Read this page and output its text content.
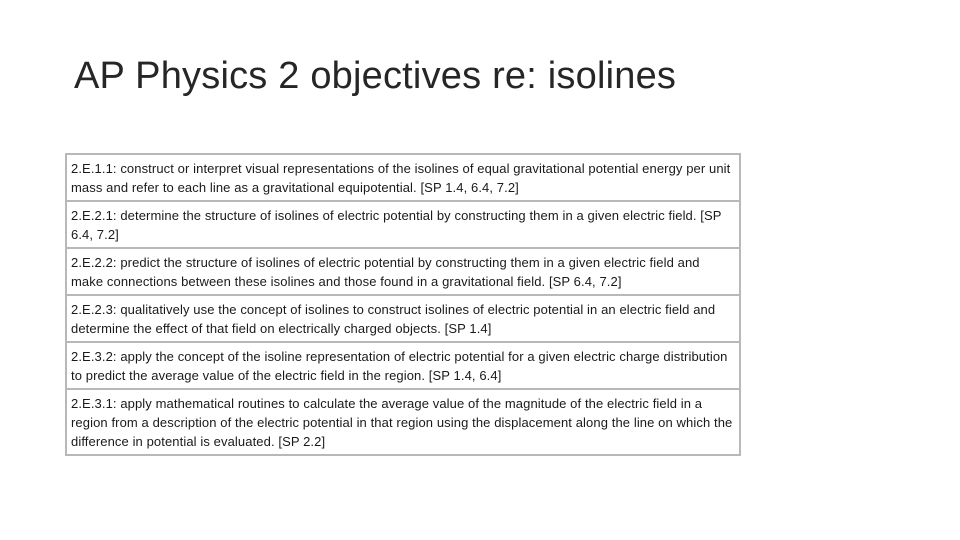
AP Physics 2 objectives re: isolines
2.E.1.1: construct or interpret visual representations of the isolines of equal gravitational potential energy per unit mass and refer to each line as a gravitational equipotential. [SP 1.4, 6.4, 7.2]
2.E.2.1: determine the structure of isolines of electric potential by constructing them in a given electric field. [SP 6.4, 7.2]
2.E.2.2: predict the structure of isolines of electric potential by constructing them in a given electric field and make connections between these isolines and those found in a gravitational field. [SP 6.4, 7.2]
2.E.2.3: qualitatively use the concept of isolines to construct isolines of electric potential in an electric field and determine the effect of that field on electrically charged objects. [SP 1.4]
2.E.3.2: apply the concept of the isoline representation of electric potential for a given electric charge distribution to predict the average value of the electric field in the region. [SP 1.4, 6.4]
2.E.3.1: apply mathematical routines to calculate the average value of the magnitude of the electric field in a region from a description of the electric potential in that region using the displacement along the line on which the difference in potential is evaluated. [SP 2.2]
